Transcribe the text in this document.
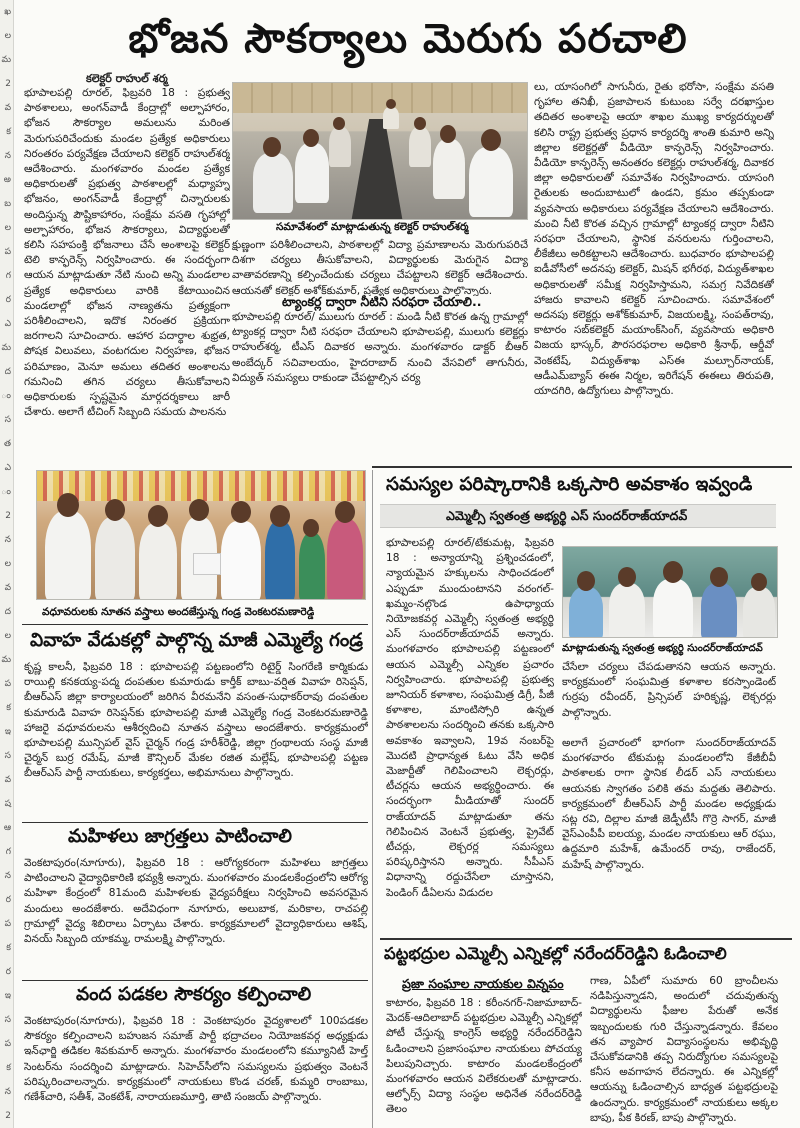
ఖ
ల
మ
2
వ
క
న
అ
బ
ల
ప
గ
ర
ఎ
మ
ద
ం
స
త
ఎ
ం
2
న
ల
వ
ద
ల
మ
ప
క
ఇ
స
వ
ష
ఆ
గ
న
ర
ప
క
ర
ఇ
స
ప
క
న
2
భోజన సౌకర్యాలు మెరుగు పరచాలి
కలెక్టర్‌ రాహుల్‌ శర్మ
భూపాలపల్లి రూరల్‌, ఫిబ్రవరి 18 : ప్రభుత్వ పాఠశాలలు, అంగన్‌వాడీ కేంద్రాల్లో అల్పాహారం, భోజన సౌకర్యాల అమలును మరింత మెరుగుపరిచేందుకు మండల ప్రత్యేక అధికారులు నిరంతరం పర్యవేక్షణ చేయాలని కలెక్టర్‌ రాహుల్‌శర్మ ఆదేశించారు. మంగళవారం మండల ప్రత్యేక అధికారులతో ప్రభుత్వ పాఠశాలల్లో మధ్యాహ్న భోజనం, అంగన్‌వాడీ కేంద్రాల్లో చిన్నారులకు అందిస్తున్న పౌష్టికాహారం, సంక్షేమ వసతి గృహాల్లో అల్పాహారం, భోజన సౌకర్యాలు, విద్యార్థులతో కలిసి సహపంక్తి భోజనాలు చేసే అంశాలపై కలెక్టర్‌ టెలి కాన్ఫరెన్స్‌ నిర్వహించారు. ఈ సందర్భంగా ఆయన మాట్లాడుతూ నేటి నుంచి అన్ని మండలాల ప్రత్యేక అధికారులు వారికి కేటాయించిన మండలాల్లో భోజన నాణ్యతను ప్రత్యక్షంగా పరిశీలించాలని, ఇదొక నిరంతర ప్రక్రియగా జరగాలని సూచించారు. ఆహార పదార్థాల శుభ్రత, పోషక విలువలు, వంటగదుల నిర్వహణ, భోజన పరిమాణం, మెనూ అమలు తదితర అంశాలను గమనించి తగిన చర్యలు తీసుకోవాలని అధికారులకు స్పష్టమైన మార్గదర్శకాలు జారీ చేశారు. అలాగే టీచింగ్‌ సిబ్బంది సమయ పాలనను
సమావేశంలో మాట్లాడుతున్న కలెక్టర్‌ రాహుల్‌శర్మ
క్షుణ్ణంగా పరిశీలించాలని, పాఠశాలల్లో విద్యా ప్రమాణాలను మెరుగుపరిచే దిశగా చర్యలు తీసుకోవాలని, విద్యార్థులకు మెరుగైన విద్యా వాతావరణాన్ని కల్పించేందుకు చర్యలు చేపట్టాలని కలెక్టర్‌ ఆదేశించారు. ఆయనతో కలెక్టర్‌ అశోక్‌కుమార్‌, ప్రత్యేక అధికారులు పాల్గొన్నారు.
ట్యాంకర్ల ద్వారా నీటిని సరఫరా చేయాలి..
భూపాలపల్లి రూరల్‌/ ములుగు రూరల్‌ : మండి నీటి కొరత ఉన్న గ్రామాల్లో ట్యాంకర్ల ద్వారా నీటి సరఫరా చేయాలని భూపాలపల్లి, ములుగు కలెక్టర్లు రాహుల్‌శర్మ, టీఎస్‌ దివాకర అన్నారు. మంగళవారం డాక్టర్‌ బీఆర్‌ అంబేద్కర్‌ సచివాలయం, హైదరాబాద్‌ నుంచి వేసవిలో తాగునీరు, విద్యుత్‌ సమస్యలు రాకుండా చేపట్టాల్సిన చర్య
లు, యాసంగిలో సాగునీరు, రైతు భరోసా, సంక్షేమ వసతి గృహాల తనిఖీ, ప్రజాపాలన కుటుంబ సర్వే దరఖాస్తుల తదితర అంశాలపై ఆయా శాఖల ముఖ్య కార్యదర్శులతో కలిసి రాష్ట్ర ప్రభుత్వ ప్రధాన కార్యదర్శి శాంతి కుమారి అన్ని జిల్లాల కలెక్టర్లతో వీడియో కాన్ఫరెన్స్‌ నిర్వహించారు. వీడియో కాన్ఫరెన్స్‌ అనంతరం కలెక్టర్లు రాహుల్‌శర్మ, దివాకర జిల్లా అధికారులతో సమావేశం నిర్వహించారు. యాసంగి రైతులకు అందుబాటులో ఉండని, క్రమం తప్పకుండా వ్యవసాయ అధికారులు పర్యవేక్షణ చేయాలని ఆదేశించారు. మంచి నీటి కొరత వచ్చిన గ్రామాల్లో ట్యాంకర్ల ద్వారా నీటిని సరఫరా చేయాలని, స్థానిక వనరులను గుర్తించాలని, లీకేజీలు అరికట్టాలని ఆదేశించారు. బుధవారం భూపాలపల్లి ఐడీవోసీలో అదనపు కలెక్టర్‌, మిషన్‌ భగీరథ, విద్యుత్‌శాఖల అధికారులతో సమీక్ష నిర్వహిస్తామని, సమగ్ర నివేదికతో హాజరు కావాలని కలెక్టర్‌ సూచించారు. సమావేశంలో అదనపు కలెక్టర్లు అశోక్‌కుమార్‌, విజయలక్ష్మి, సంపత్‌రావు, కాటారం సబ్‌కలెక్టర్‌ మయాంక్‌సింగ్‌, వ్యవసాయ అధికారి విజయ భాస్కర్‌, పౌరసరఫరాల అధికారి శ్రీనాథ్‌, ఆర్డీవో వెంకటేష్‌, విద్యుత్‌శాఖ ఎస్‌ఈ మల్చూర్‌నాయక్‌, ఆడీఎమ్‌బ్యాస్‌ ఈఈ నిర్మల, ఇరిగేషన్‌ ఈఈలు తిరుపతి, యాదగిరి, ఉద్యోగులు పాల్గొన్నారు.
వధూవరులకు నూతన వస్త్రాలు అందజేస్తున్న గండ్ర వెంకటరమణారెడ్డి
వివాహ వేడుకల్లో పాల్గొన్న మాజీ ఎమ్మెల్యే గండ్ర
కృష్ణ కాలనీ, ఫిబ్రవరి 18 : భూపాలపల్లి పట్టణంలోని రిటైర్డ్‌ సింగరేణి కార్మికుడు రాయిల్లి కనకయ్య-పద్మ దంపతుల కుమారుడు కార్తీక్‌ బాబు-వర్షిత వివాహ రిసెప్షన్‌, బీఆర్‌ఎస్‌ జిల్లా కార్యాలయంలో జరిగిన వీరమనేని వసంత-సుధాకర్‌రావు దంపతుల కుమారుడి వివాహ రిసెప్షన్‌కు భూపాలపల్లి మాజీ ఎమ్మెల్యే గండ్ర వెంకటరమణారెడ్డి హాజరై వధూవరులను ఆశీర్వదించి నూతన వస్త్రాలు అందజేశారు. కార్యక్రమంలో భూపాలపల్లి మున్సిపల్‌ వైస్‌ చైర్మన్‌ గండ్ర హరీశ్‌రెడ్డి, జిల్లా గ్రంథాలయ సంస్థ మాజీ చైర్మన్‌ బుర్ర రమేష్‌, మాజీ కౌన్సిలర్‌ మేకల రజిత మల్లేష్‌, భూపాలపల్లి పట్టణ బీఆర్‌ఎస్‌ పార్టీ నాయకులు, కార్యకర్తలు, అభిమానులు పాల్గొన్నారు.
మహిళలు జాగ్రత్తలు పాటించాలి
వెంకటాపురం(నూగూరు), ఫిబ్రవరి 18 : ఆరోగ్యకరంగా మహిళలు జాగ్రత్తలు పాటించాలని వైద్యాధికారిణి భవ్యశ్రీ అన్నారు. మంగళవారం మండలకేంద్రంలోని ఆరోగ్య మహిళా కేంద్రంలో 81మంది మహిళలకు వైద్యపరీక్షలు నిర్వహించి అవసరమైన మందులు అందజేశారు. అదేవిధంగా నూగూరు, అలుబాక, మరికాల, రాచపల్లి గ్రామాల్లో వైద్య శిబిరాలు ఏర్పాటు చేశారు. కార్యక్రమాలలో వైద్యాధికారులు ఆశిష్‌, వినయ్‌ సిబ్బంది యాకమ్మ, రామలక్ష్మి పాల్గొన్నారు.
వంద పడకల సౌకర్యం కల్పించాలి
వెంకటాపురం(నూగూరు), ఫిబ్రవరి 18 : వెంకటాపురం వైద్యశాలలో 100పడకల సౌకర్యం కల్పించాలని బహుజన సమాజ్‌ పార్టీ భద్రాచలం నియోజకవర్గ అధ్యక్షుడు ఇన్‌ఛార్జి తడికల శివకుమార్‌ అన్నారు. మంగళవారం మండలంలోని కమ్యూనిటీ హెల్త్‌ సెంటర్‌ను సందర్శించి మాట్లాడారు. సిహెచ్‌సీలోని సమస్యలను ప్రభుత్వం వెంటనే పరిష్కరించాలన్నారు. కార్యక్రమంలో నాయకులు కొండ చరణ్‌, కుమ్మరి రాంబాబు, గణేశ్‌చారి, సతీశ్‌, వెంకటేశ్‌, నారాయణమూర్తి, తాటి సంజయ్‌ పాల్గొన్నారు.
సమస్యల పరిష్కారానికి ఒక్కసారి అవకాశం ఇవ్వండి
ఎమ్మెల్సీ స్వతంత్ర అభ్యర్థి ఎస్‌ సుందర్‌రాజ్‌యాదవ్‌
భూపాలపల్లి రూరల్‌/టేకుమట్ల, ఫిబ్రవరి 18 : అన్యాయాన్ని ప్రశ్నించడంలో, న్యాయమైన హక్కులను సాధించడంలో ఎప్పుడూ ముందుంటానని వరంగల్‌-ఖమ్మం-నల్గొండ ఉపాధ్యాయ నియోజకవర్గ ఎమ్మెల్సీ స్వతంత్ర అభ్యర్థి ఎస్‌ సుందర్‌రాజ్‌యాదవ్‌ అన్నారు. మంగళవారం భూపాలపల్లి పట్టణంలో ఆయన ఎమ్మెల్సీ ఎన్నికల ప్రచారం నిర్వహించారు. భూపాలపల్లి ప్రభుత్వ జూనియర్‌ కళాశాల, సంఘమిత్ర డిగ్రీ, పీజీ కళాశాల, మాంటిస్సోరి ఉన్నత పాఠశాలలను సందర్శించి తనకు ఒక్కసారి అవకాశం ఇవ్వాలని, 19వ నంబర్‌పై మొదటి ప్రాధాన్యత ఓటు వేసి అధిక మెజార్టీతో గెలిపించాలని లెక్చరర్లు, టీచర్లను ఆయన అభ్యర్థించారు. ఈ సందర్భంగా మీడియాతో సుందర్‌ రాజ్‌యాదవ్‌ మాట్లాడుతూ తను గెలిపించిన వెంటనే ప్రభుత్వ, ప్రైవేట్‌ టీచర్లు, లెక్చరర్ల సమస్యలు పరిష్కరిస్తానని అన్నారు. సీపీఎస్‌ విధానాన్ని రద్దుచేసేలా చూస్తానని, పెండింగ్‌ డీఏలను విడుదల
మాట్లాడుతున్న స్వతంత్ర అభ్యర్థి సుందర్‌రాజ్‌యాదవ్‌
చేసేలా చర్యలు చేపడుతానని ఆయన అన్నారు. కార్యక్రమంలో సంఘమిత్ర కళాశాల కరస్పాండెంట్‌ గుర్రపు రవీందర్‌, ప్రిన్సిపల్‌ హరికృష్ణ, లెక్చరర్లు పాల్గొన్నారు.

అలాగే ప్రచారంలో భాగంగా సుందర్‌రాజ్‌యాదవ్‌ మంగళవారం టేకుమట్ల మండలంలోని కేజీబీవీ పాఠశాలకు రాగా స్థానిక లీడర్‌ ఎస్‌ నాయకులు ఆయనకు స్వాగతం పలికి తమ మద్దతు తెలిపారు. కార్యక్రమంలో బీఆర్‌ఎస్‌ పార్టీ మండల అధ్యక్షుడు సట్ల రవి, దిల్లాల మాజీ జెడ్పీటీసీ గొర్రె సాగర్‌, మాజీ వైస్‌ఎంపీపీ ఐలయ్య, మండల నాయకులు ఆర్‌ రఘు, ఉద్దమారి మహేశ్‌, ఉమేందర్‌ రావు, రాజేందర్‌, మహేష్‌ పాల్గొన్నారు.
పట్టభద్రుల ఎమ్మెల్సీ ఎన్నికల్లో నరేందర్‌రెడ్డిని ఓడించాలి
ప్రజా సంఘాల నాయకుల విన్నపం
కాటారం, ఫిబ్రవరి 18 : కరీంనగర్‌-నిజామాబాద్‌-మెదక్‌-ఆదిలాబాద్‌ పట్టభద్రుల ఎమ్మెల్సీ ఎన్నికల్లో పోటీ చేస్తున్న కాంగ్రెస్‌ అభ్యర్థి నరేందర్‌రెడ్డిని ఓడించాలని ప్రజాసంఘాల నాయకులు పోచయ్య పిలుపునిచ్చారు. కాటారం మండలకేంద్రంలో మంగళవారం ఆయన విలేకరులతో మాట్లాడారు. ఆల్ఫోర్స్‌ విద్యా సంస్థల అధినేత నరేందర్‌రెడ్డి తెలం
గాణ, ఏపీలో సుమారు 60 బ్రాంచీలను నడిపిస్తున్నాడని, అందులో చదువుతున్న విద్యార్థులను ఫీజుల పేరుతో అనేక ఇబ్బందులకు గురి చేస్తున్నాడన్నారు. కేవలం తన వ్యాపార విద్యాసంస్థలను అభివృద్ధి చేసుకోవడానికి తప్ప నిరుద్యోగుల సమస్యలపై కనీస అవగాహన లేదన్నారు. ఈ ఎన్నికల్లో ఆయన్ను ఓడించాల్సిన బాధ్యత పట్టభద్రులపై ఉందన్నారు. కార్యక్రమంలో నాయకులు అక్కల బాపు, పీక కిరణ్‌, బాపు పాల్గొన్నారు.
